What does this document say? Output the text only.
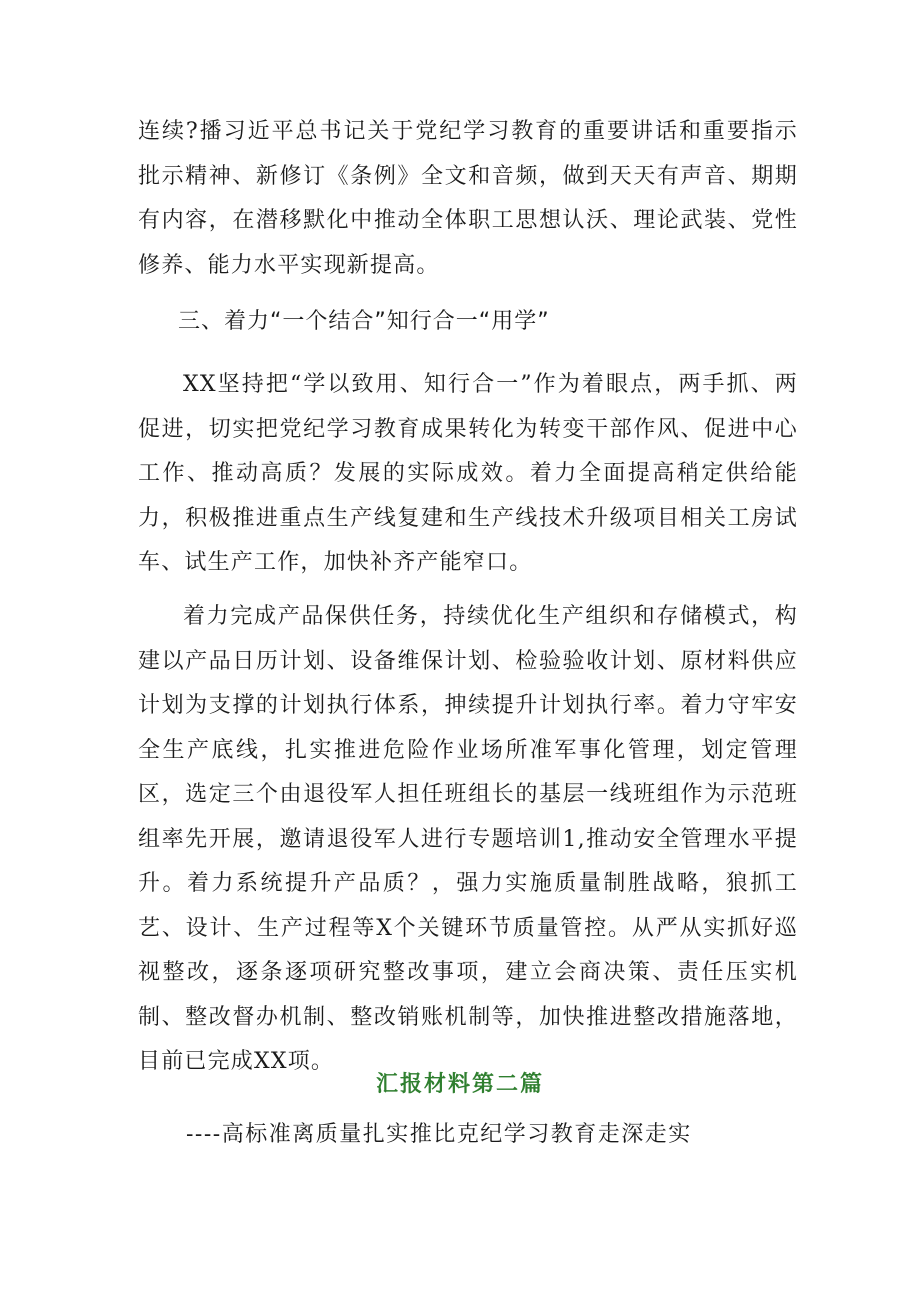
连续?播习近平总书记关于党纪学习教育的重要讲话和重要指示批示精神、新修订《条例》全文和音频，做到天天有声音、期期有内容，在潜移默化中推动全体职工思想认沃、理论武装、党性修养、能力水平实现新提高。

三、着力“一个结合”知行合一“用学”

XX坚持把“学以致用、知行合一”作为着眼点，两手抓、两促进，切实把党纪学习教育成果转化为转变干部作风、促进中心工作、推动高质？发展的实际成效。着力全面提高稍定供给能力，积极推进重点生产线复建和生产线技术升级项目相关工房试车、试生产工作，加快补齐产能窄口。

着力完成产品保供任务，持续优化生产组织和存储模式，构建以产品日历计划、设备维保计划、检验验收计划、原材料供应计划为支撑的计划执行体系，抻续提升计划执行率。着力守牢安全生产底线，扎实推进危险作业场所准军事化管理，划定管理区，选定三个由退役军人担任班组长的基层一线班组作为示范班组率先开展，邀请退役军人进行专题培训1,推动安全管理水平提升。着力系统提升产品质？，强力实施质量制胜战略，狼抓工艺、设计、生产过程等X个关键环节质量管控。从严从实抓好巡视整改，逐条逐项研究整改事项，建立会商决策、责任压实机制、整改督办机制、整改销账机制等，加快推进整改措施落地，目前已完成XX项。

汇报材料第二篇

----高标准离质量扎实推比克纪学习教育走深走实
